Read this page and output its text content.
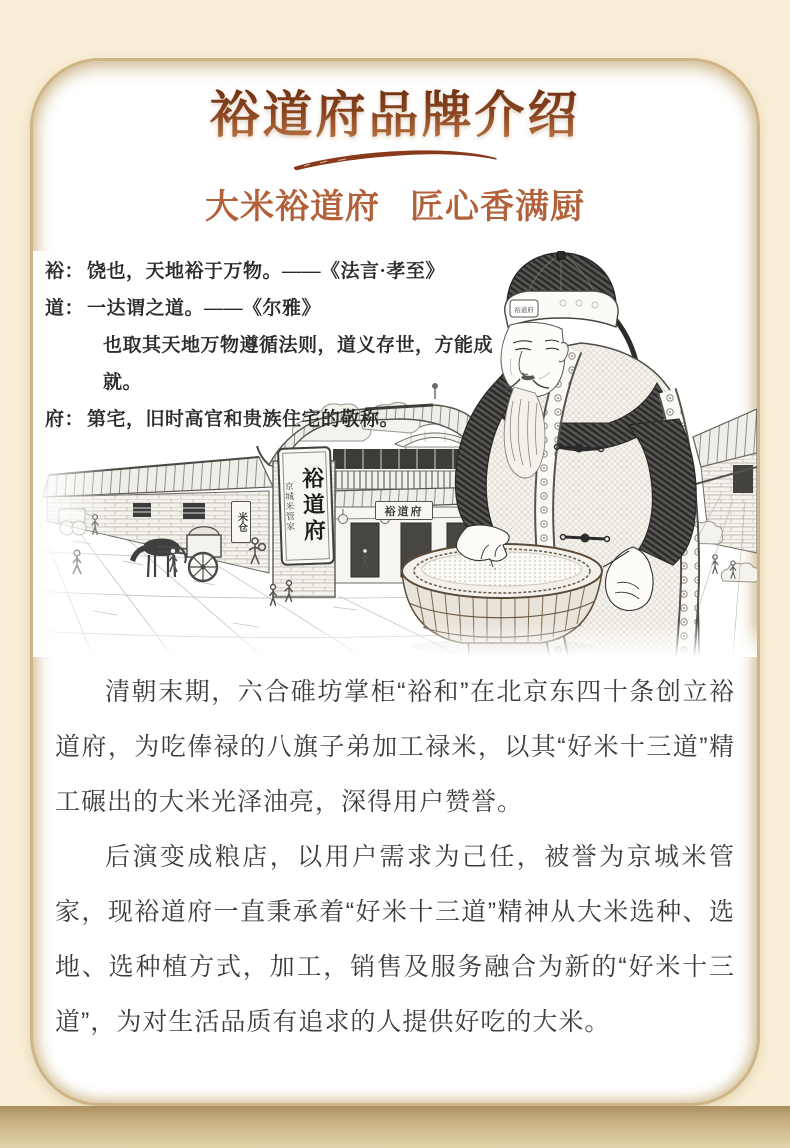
裕道府品牌介绍
大米裕道府 匠心香满厨
裕： 饶也，天地裕于万物。——《法言·孝至》
道： 一达谓之道。——《尔雅》
也取其天地万物遵循法则，道义存世，方能成就。
府： 第宅，旧时高官和贵族住宅的敬称。
裕道府
京城米管家 裕道府
米仓
裕道府

清朝末期，六合碓坊掌柜“裕和”在北京东四十条创立裕道府，为吃俸禄的八旗子弟加工禄米，以其“好米十三道”精工碾出的大米光泽油亮，深得用户赞誉。

后演变成粮店，以用户需求为己任，被誉为京城米管家，现裕道府一直秉承着“好米十三道”精神从大米选种、选地、选种植方式，加工，销售及服务融合为新的“好米十三道”，为对生活品质有追求的人提供好吃的大米。
